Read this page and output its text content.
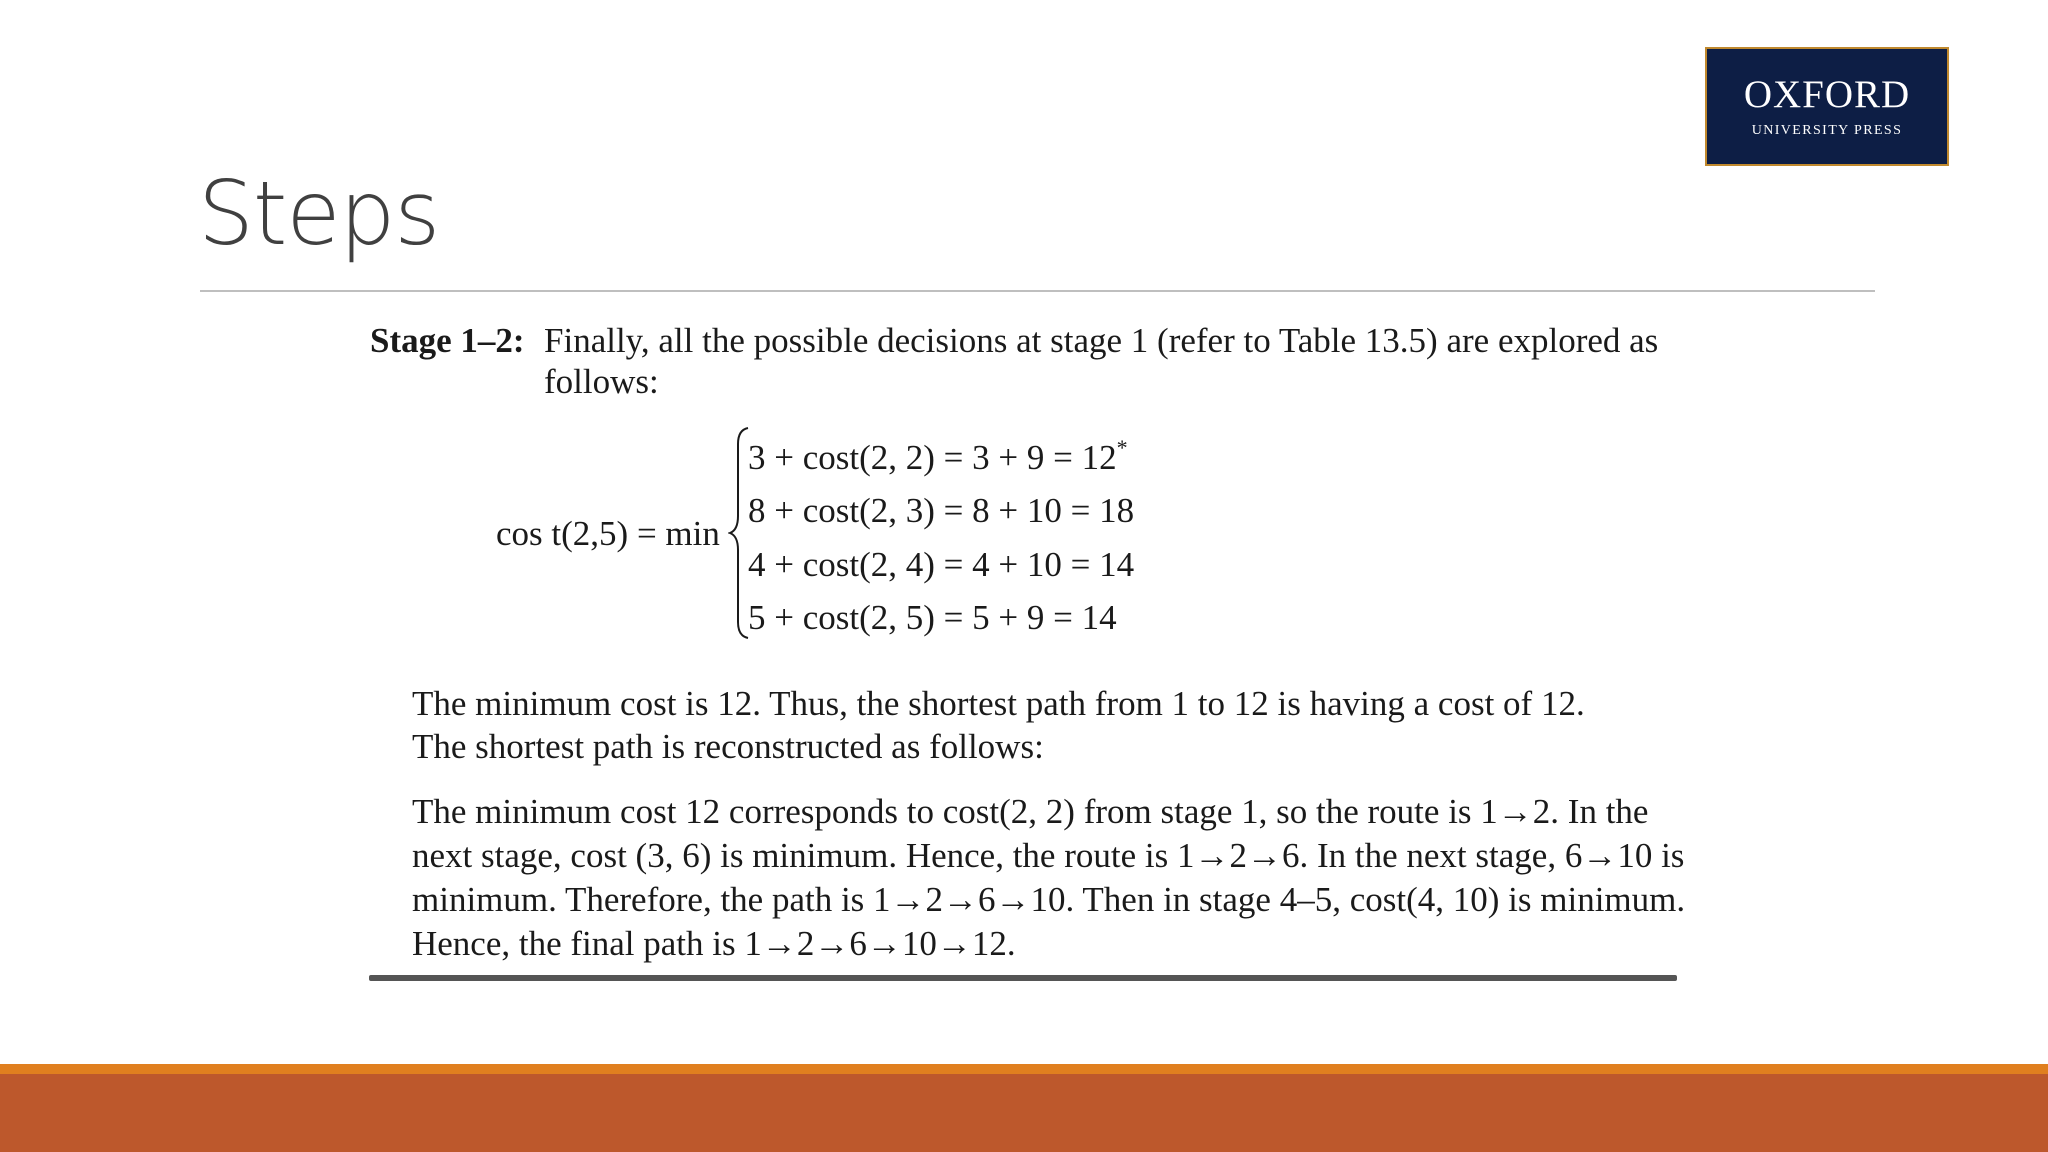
OXFORD
UNIVERSITY PRESS
Steps
Stage 1–2: Finally, all the possible decisions at stage 1 (refer to Table 13.5) are explored as
follows:
cos t(2,5) = min
3 + cost(2, 2) = 3 + 9 = 12*
8 + cost(2, 3) = 8 + 10 = 18
4 + cost(2, 4) = 4 + 10 = 14
5 + cost(2, 5) = 5 + 9 = 14
The minimum cost is 12. Thus, the shortest path from 1 to 12 is having a cost of 12.
The shortest path is reconstructed as follows:
The minimum cost 12 corresponds to cost(2, 2) from stage 1, so the route is 1→2. In the
next stage, cost (3, 6) is minimum. Hence, the route is 1→2→6. In the next stage, 6→10 is
minimum. Therefore, the path is 1→2→6→10. Then in stage 4–5, cost(4, 10) is minimum.
Hence, the final path is 1→2→6→10→12.
